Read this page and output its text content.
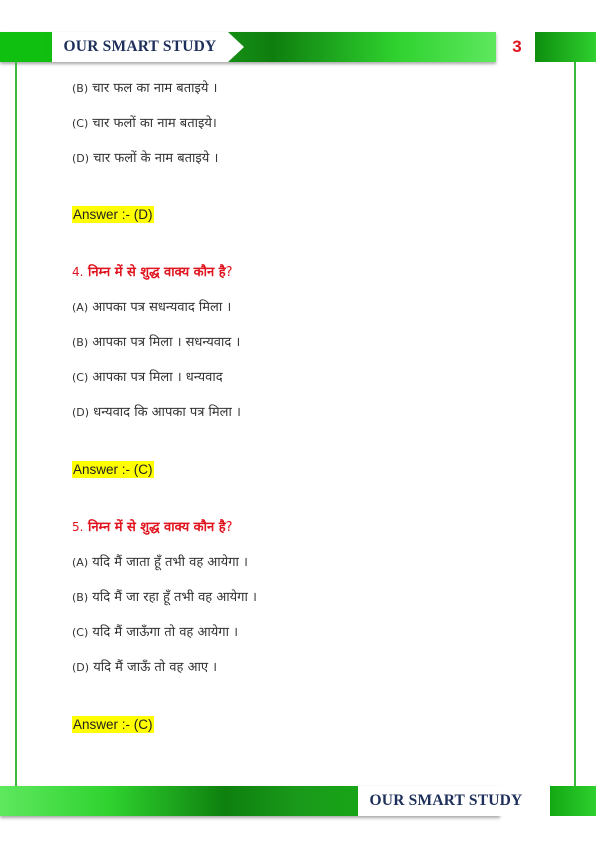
OUR SMART STUDY	3
(B) चार फल का नाम बताइये ।
(C) चार फलों का नाम बताइये।
(D) चार फलों के नाम बताइये ।
Answer :- (D)
4. निम्न में से शुद्ध वाक्य कौन है?
(A) आपका पत्र सधन्यवाद मिला ।
(B) आपका पत्र मिला । सधन्यवाद ।
(C) आपका पत्र मिला । धन्यवाद
(D) धन्यवाद कि आपका पत्र मिला ।
Answer :- (C)
5. निम्न में से शुद्ध वाक्य कौन है?
(A) यदि मैं जाता हूँ तभी वह आयेगा ।
(B) यदि मैं जा रहा हूँ तभी वह आयेगा ।
(C) यदि मैं जाऊँगा तो वह आयेगा ।
(D) यदि मैं जाऊँ तो वह आए ।
Answer :- (C)
OUR SMART STUDY
